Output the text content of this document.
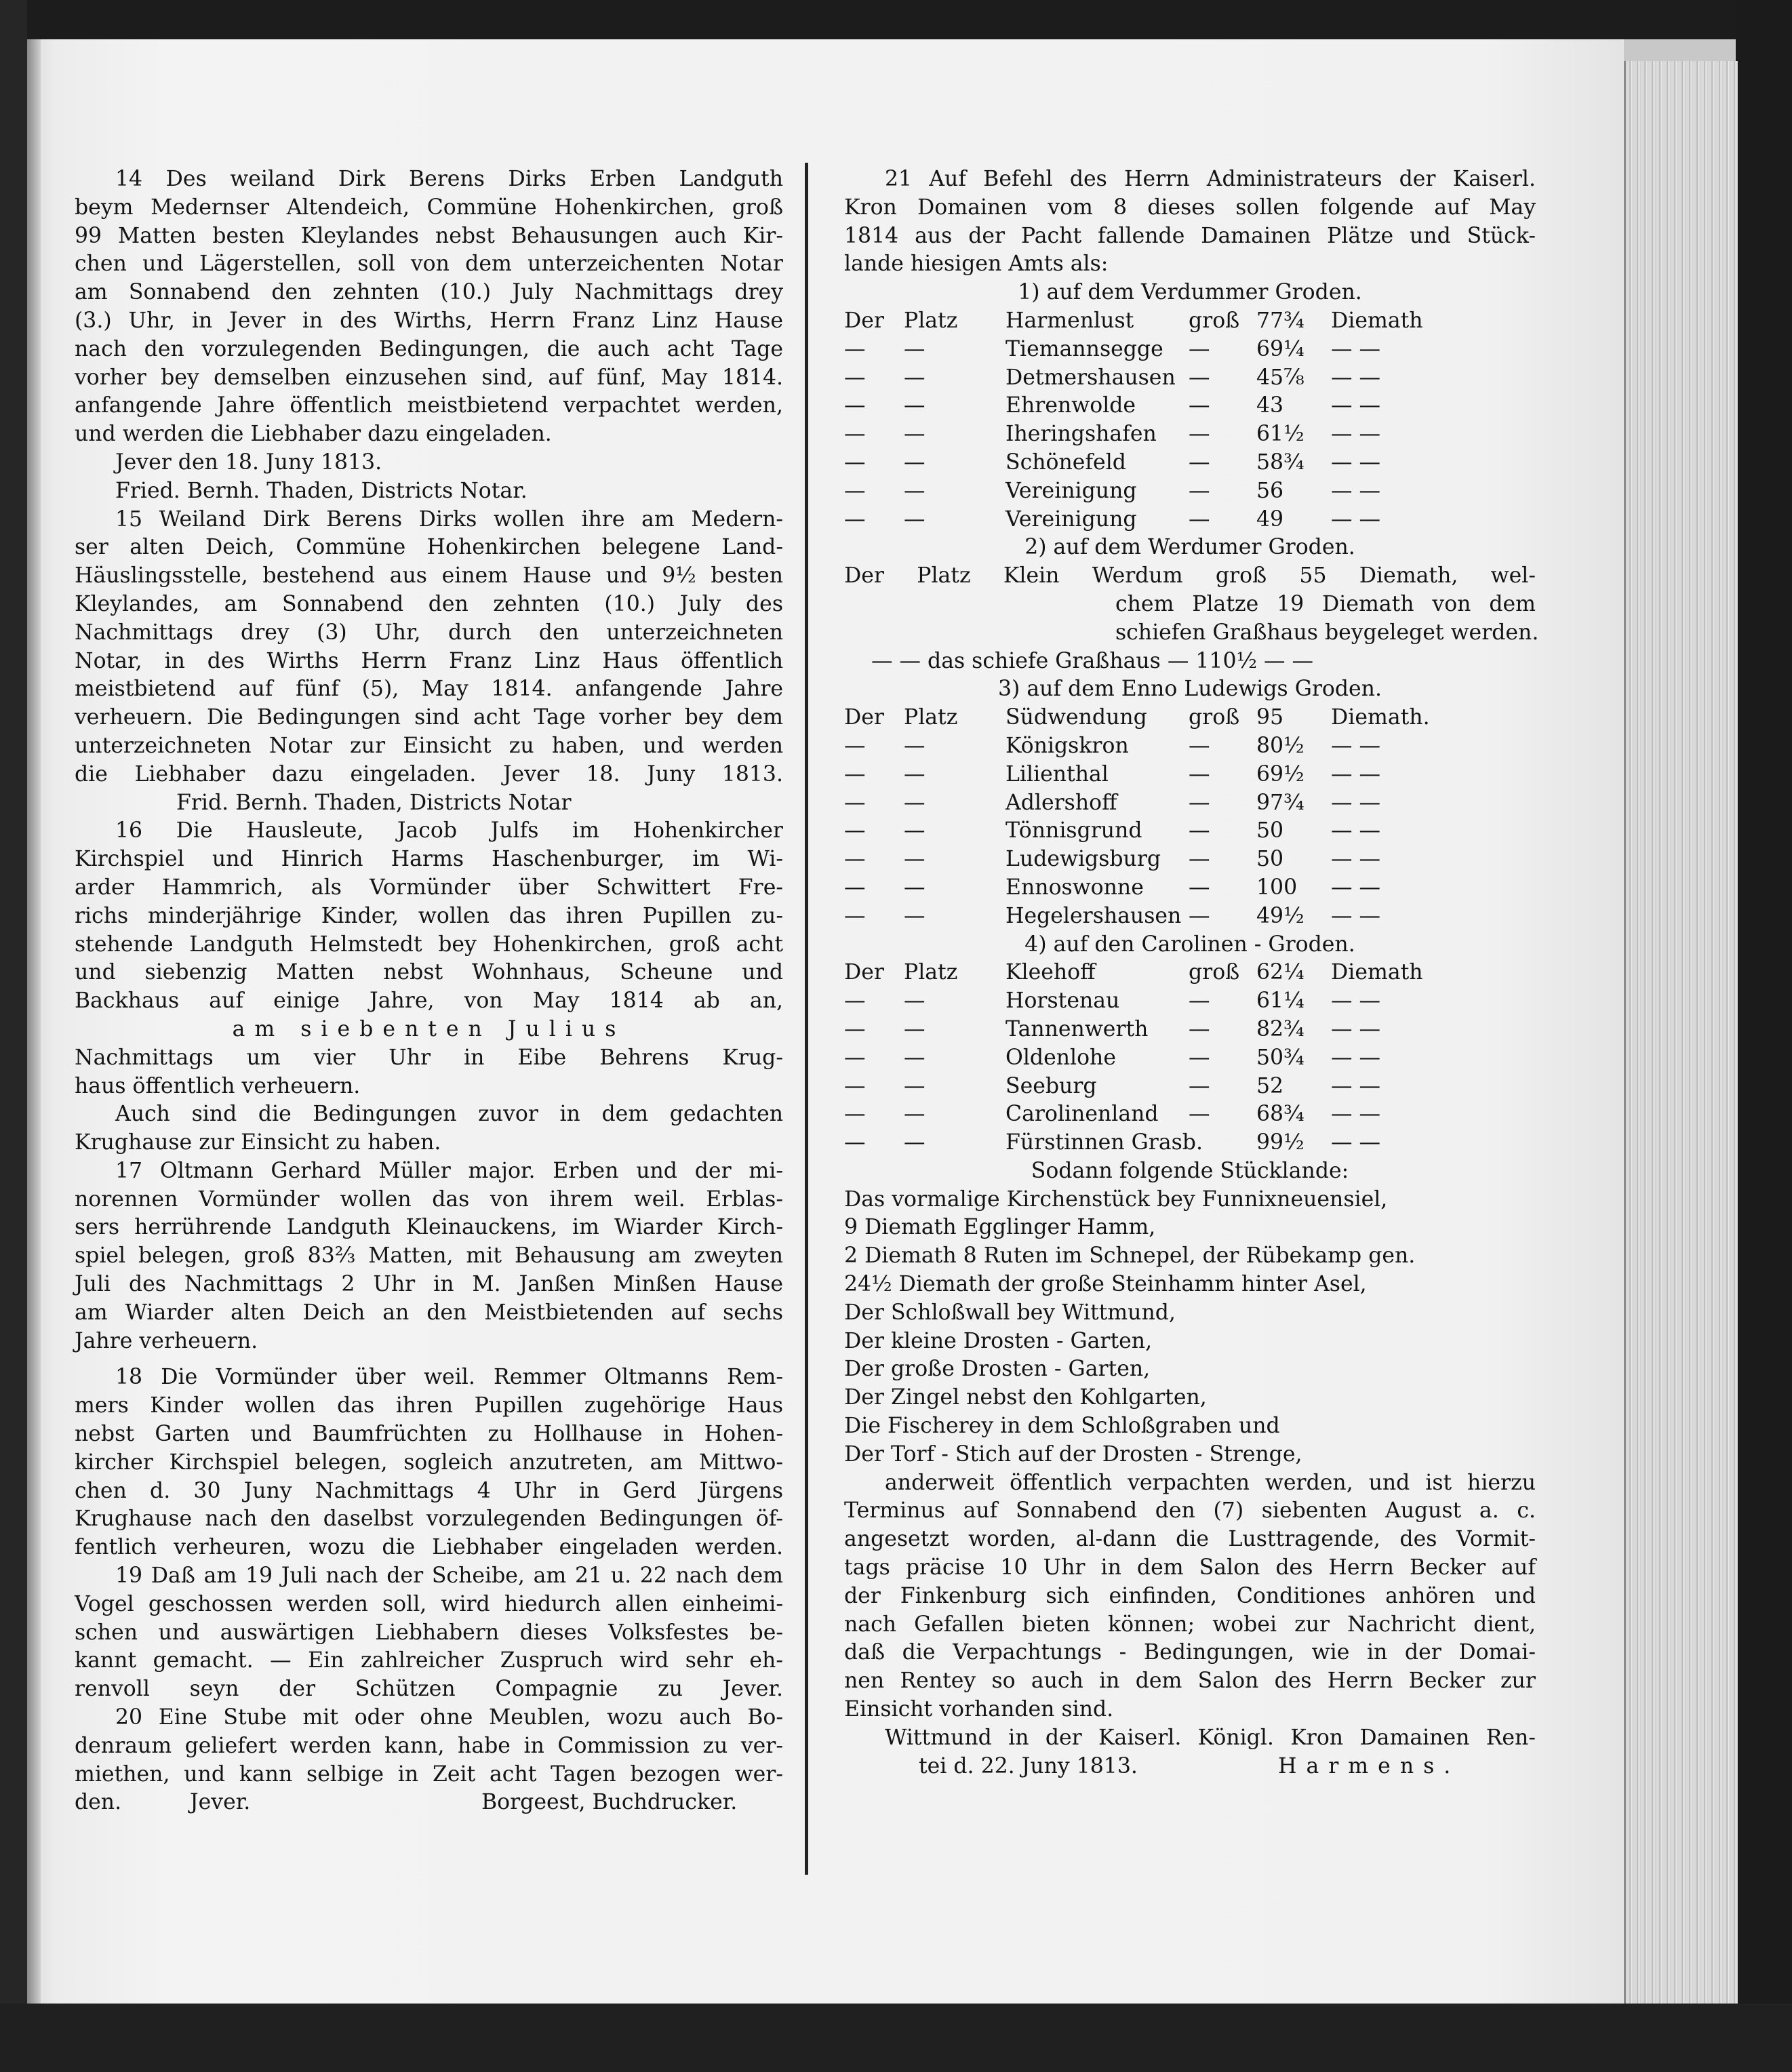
14 Des weiland Dirk Berens Dirks Erben Landguth
beym Medernser Altendeich, Commüne Hohenkirchen, groß
99 Matten besten Kleylandes nebst Behausungen auch Kir-
chen und Lägerstellen, soll von dem unterzeichenten Notar
am Sonnabend den zehnten (10.) July Nachmittags drey
(3.) Uhr, in Jever in des Wirths, Herrn Franz Linz Hause
nach den vorzulegenden Bedingungen, die auch acht Tage
vorher bey demselben einzusehen sind, auf fünf, May 1814.
anfangende Jahre öffentlich meistbietend verpachtet werden,
und werden die Liebhaber dazu eingeladen.
Jever den 18. Juny 1813.
Fried. Bernh. Thaden, Districts Notar.
15 Weiland Dirk Berens Dirks wollen ihre am Medern-
ser alten Deich, Commüne Hohenkirchen belegene Land-
Häuslingsstelle, bestehend aus einem Hause und 9½ besten
Kleylandes, am Sonnabend den zehnten (10.) July des
Nachmittags drey (3) Uhr, durch den unterzeichneten
Notar, in des Wirths Herrn Franz Linz Haus öffentlich
meistbietend auf fünf (5), May 1814. anfangende Jahre
verheuern. Die Bedingungen sind acht Tage vorher bey dem
unterzeichneten Notar zur Einsicht zu haben, und werden
die Liebhaber dazu eingeladen. Jever 18. Juny 1813.
Frid. Bernh. Thaden, Districts Notar
16 Die Hausleute, Jacob Julfs im Hohenkircher
Kirchspiel und Hinrich Harms Haschenburger, im Wi-
arder Hammrich, als Vormünder über Schwittert Fre-
richs minderjährige Kinder, wollen das ihren Pupillen zu-
stehende Landguth Helmstedt bey Hohenkirchen, groß acht
und siebenzig Matten nebst Wohnhaus, Scheune und
Backhaus auf einige Jahre, von May 1814 ab an,
am siebenten Julius
Nachmittags um vier Uhr in Eibe Behrens Krug-
haus öffentlich verheuern.
Auch sind die Bedingungen zuvor in dem gedachten
Krughause zur Einsicht zu haben.
17 Oltmann Gerhard Müller major. Erben und der mi-
norennen Vormünder wollen das von ihrem weil. Erblas-
sers herrührende Landguth Kleinauckens, im Wiarder Kirch-
spiel belegen, groß 83⅔ Matten, mit Behausung am zweyten
Juli des Nachmittags 2 Uhr in M. Janßen Minßen Hause
am Wiarder alten Deich an den Meistbietenden auf sechs
Jahre verheuern.
18 Die Vormünder über weil. Remmer Oltmanns Rem-
mers Kinder wollen das ihren Pupillen zugehörige Haus
nebst Garten und Baumfrüchten zu Hollhause in Hohen-
kircher Kirchspiel belegen, sogleich anzutreten, am Mittwo-
chen d. 30 Juny Nachmittags 4 Uhr in Gerd Jürgens
Krughause nach den daselbst vorzulegenden Bedingungen öf-
fentlich verheuren, wozu die Liebhaber eingeladen werden.
19 Daß am 19 Juli nach der Scheibe, am 21 u. 22 nach dem
Vogel geschossen werden soll, wird hiedurch allen einheimi-
schen und auswärtigen Liebhabern dieses Volksfestes be-
kannt gemacht. — Ein zahlreicher Zuspruch wird sehr eh-
renvoll seyn der Schützen Compagnie zu Jever.
20 Eine Stube mit oder ohne Meublen, wozu auch Bo-
denraum geliefert werden kann, habe in Commission zu ver-
miethen, und kann selbige in Zeit acht Tagen bezogen wer-
den.	Jever.	Borgeest, Buchdrucker.
21 Auf Befehl des Herrn Administrateurs der Kaiserl.
Kron Domainen vom 8 dieses sollen folgende auf May
1814 aus der Pacht fallende Damainen Plätze und Stück-
lande hiesigen Amts als:
1) auf dem Verdummer Groden.
Der Platz	Harmenlust	groß 77¾	Diemath
—	—	Tiemannsegge	—	69¼	— —
—	—	Detmershausen —	45⅞	— —
—	—	Ehrenwolde	—	43	— —
—	—	Iheringshafen	—	61½	— —
—	—	Schönefeld	—	58¾	— —
—	—	Vereinigung	—	56	— —
—	—	Vereinigung	—	49	— —
2) auf dem Werdumer Groden.
Der Platz Klein Werdum groß 55 Diemath, wel-
chem Platze 19 Diemath von dem
schiefen Graßhaus beygeleget werden.
— — das schiefe Graßhaus — 110½ — —
3) auf dem Enno Ludewigs Groden.
Der Platz	Südwendung	groß 95	Diemath.
—	—	Königskron	—	80½	— —
—	—	Lilienthal	—	69½	— —
—	—	Adlershoff	—	97¾	— —
—	—	Tönnisgrund	—	50	— —
—	—	Ludewigsburg	—	50	— —
—	—	Ennoswonne	—	100	— —
—	—	Hegelershausen —	49½	— —
4) auf den Carolinen - Groden.
Der Platz	Kleehoff	groß 62¼	Diemath
—	—	Horstenau	—	61¼	— —
—	—	Tannenwerth	—	82¾	— —
—	—	Oldenlohe	—	50¾	— —
—	—	Seeburg	—	52	— —
—	—	Carolinenland	—	68¾	— —
—	—	Fürstinnen Grasb.	99½	— —
Sodann folgende Stücklande:
Das vormalige Kirchenstück bey Funnixneuensiel,
9 Diemath Egglinger Hamm,
2 Diemath 8 Ruten im Schnepel, der Rübekamp gen.
24½ Diemath der große Steinhamm hinter Asel,
Der Schloßwall bey Wittmund,
Der kleine Drosten - Garten,
Der große Drosten - Garten,
Der Zingel nebst den Kohlgarten,
Die Fischerey in dem Schloßgraben und
Der Torf - Stich auf der Drosten - Strenge,
anderweit öffentlich verpachten werden, und ist hierzu
Terminus auf Sonnabend den (7) siebenten August a. c.
angesetzt worden, al-dann die Lusttragende, des Vormit-
tags präcise 10 Uhr in dem Salon des Herrn Becker auf
der Finkenburg sich einfinden, Conditiones anhören und
nach Gefallen bieten können; wobei zur Nachricht dient,
daß die Verpachtungs - Bedingungen, wie in der Domai-
nen Rentey so auch in dem Salon des Herrn Becker zur
Einsicht vorhanden sind.
Wittmund in der Kaiserl. Königl. Kron Damainen Ren-
tei d. 22. Juny 1813.	Harmens.
